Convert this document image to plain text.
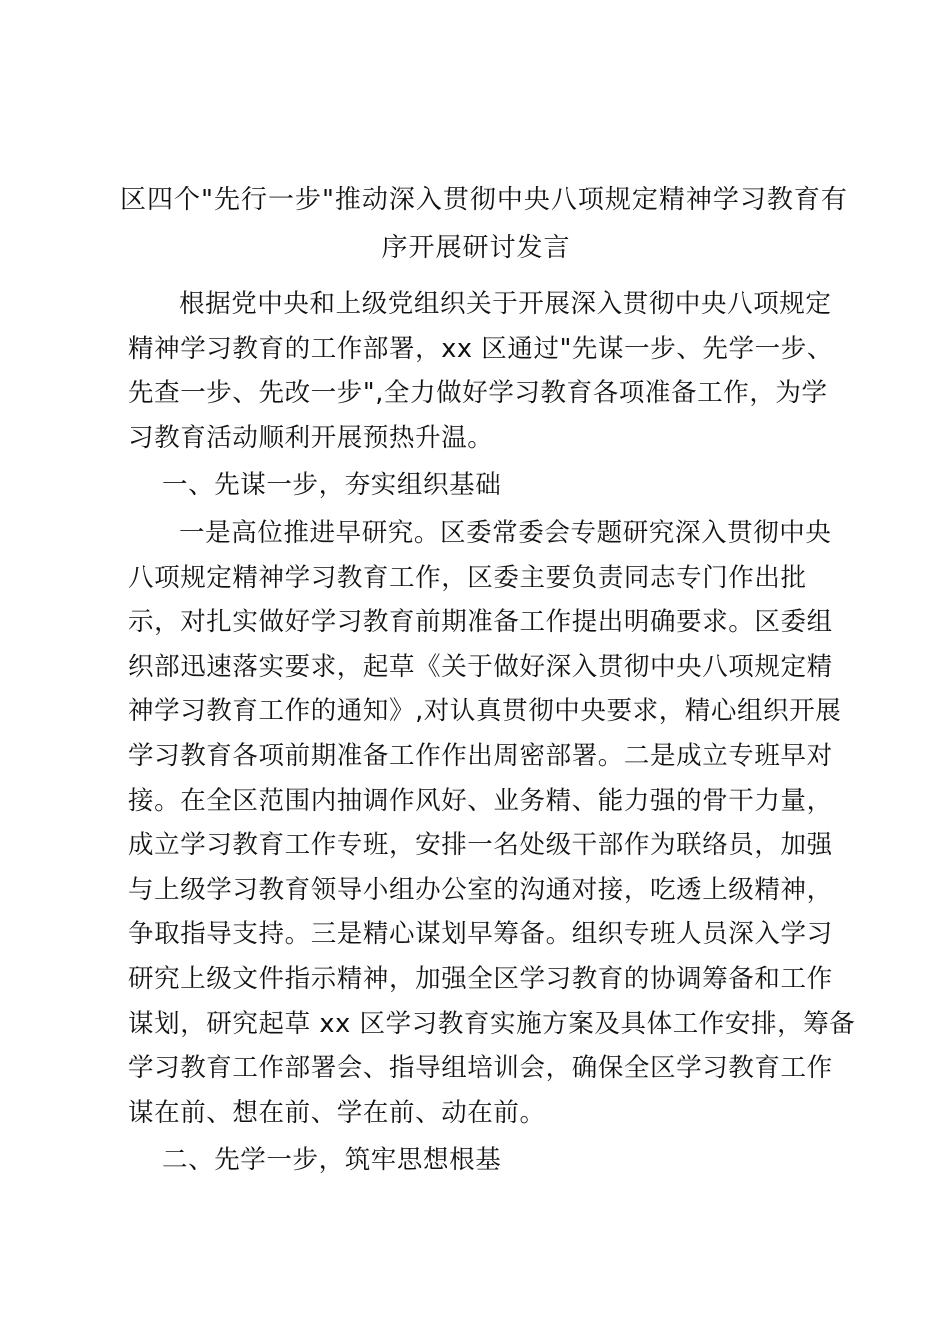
区四个"先行一步"推动深入贯彻中央八项规定精神学习教育有
序开展研讨发言
根据党中央和上级党组织关于开展深入贯彻中央八项规定
精神学习教育的工作部署，xx 区通过"先谋一步、先学一步、
先查一步、先改一步",全力做好学习教育各项准备工作，为学
习教育活动顺利开展预热升温。
一、先谋一步，夯实组织基础
一是高位推进早研究。区委常委会专题研究深入贯彻中央
八项规定精神学习教育工作，区委主要负责同志专门作出批
示，对扎实做好学习教育前期准备工作提出明确要求。区委组
织部迅速落实要求，起草《关于做好深入贯彻中央八项规定精
神学习教育工作的通知》,对认真贯彻中央要求，精心组织开展
学习教育各项前期准备工作作出周密部署。二是成立专班早对
接。在全区范围内抽调作风好、业务精、能力强的骨干力量，
成立学习教育工作专班，安排一名处级干部作为联络员，加强
与上级学习教育领导小组办公室的沟通对接，吃透上级精神，
争取指导支持。三是精心谋划早筹备。组织专班人员深入学习
研究上级文件指示精神，加强全区学习教育的协调筹备和工作
谋划，研究起草 xx 区学习教育实施方案及具体工作安排，筹备
学习教育工作部署会、指导组培训会，确保全区学习教育工作
谋在前、想在前、学在前、动在前。
二、先学一步，筑牢思想根基
